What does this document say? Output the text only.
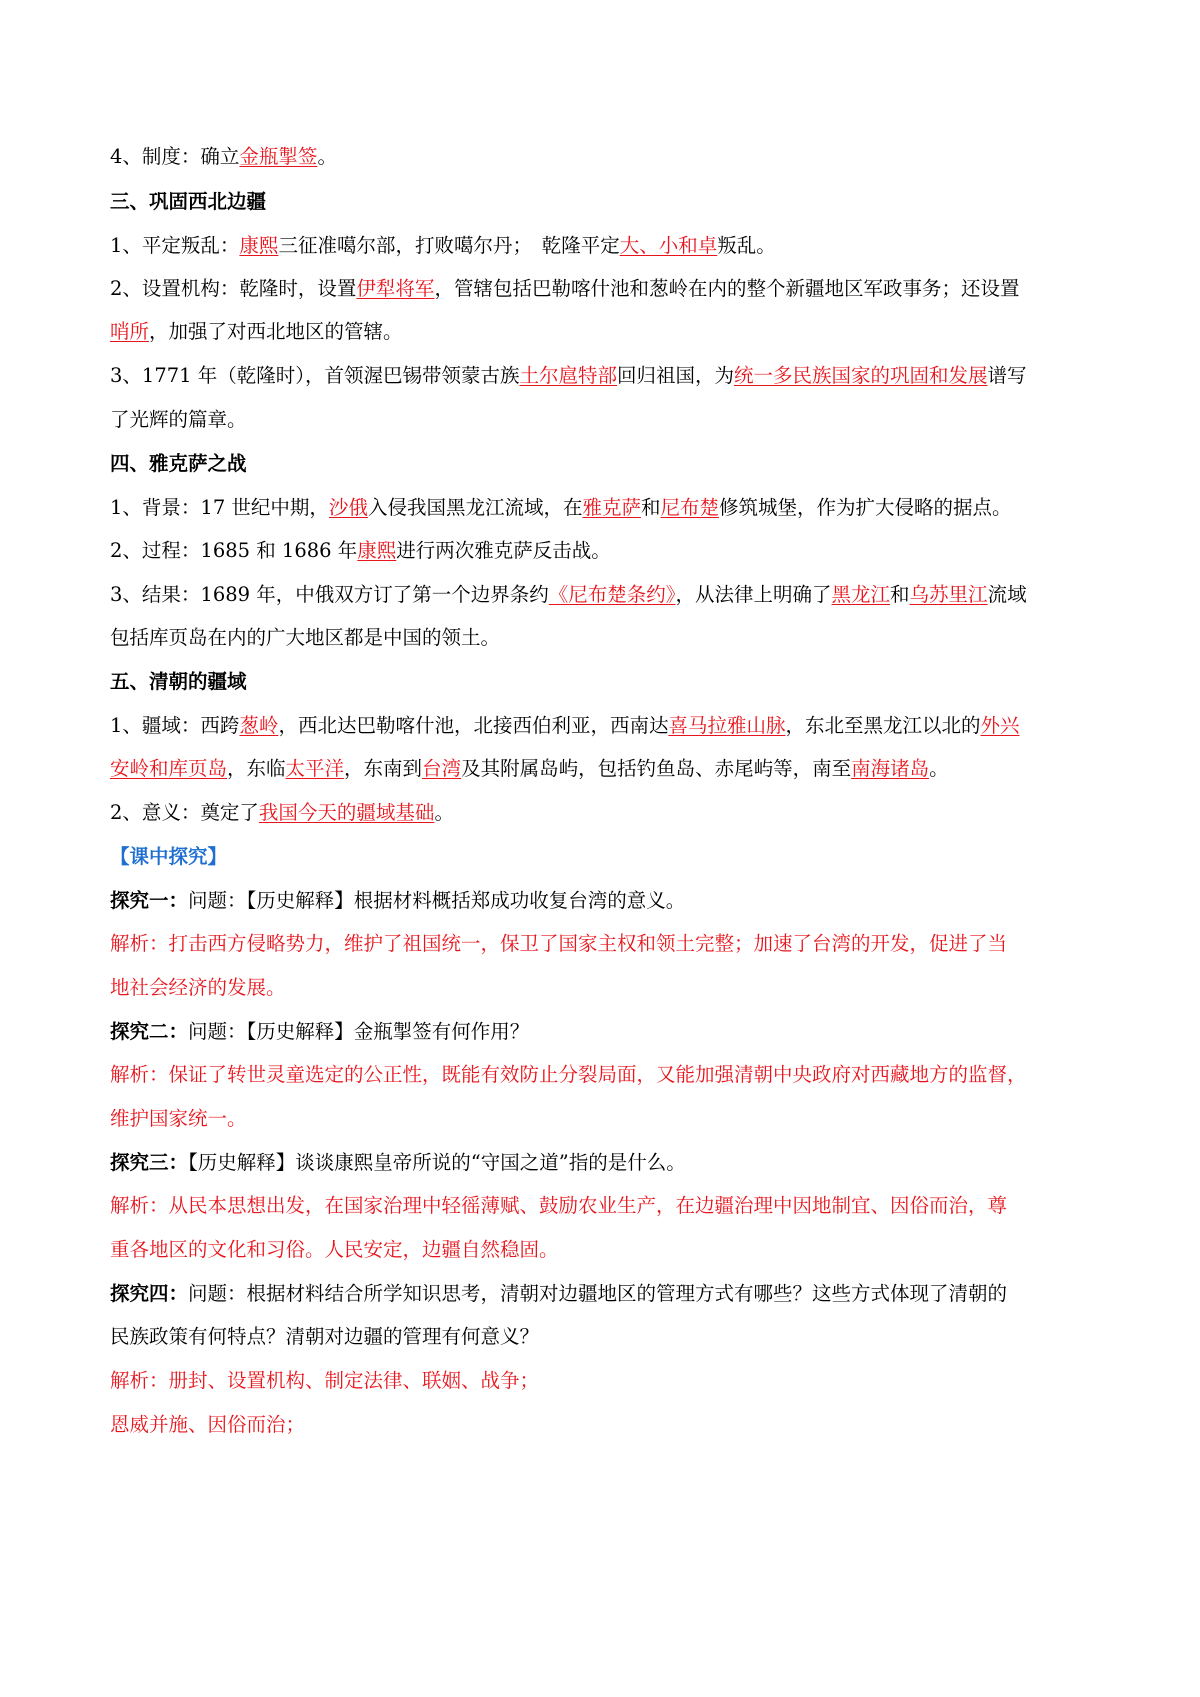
4、制度：确立金瓶掣签。
三、巩固西北边疆
1、平定叛乱：康熙三征准噶尔部，打败噶尔丹；　乾隆平定大、小和卓叛乱。
2、设置机构：乾隆时，设置伊犁将军，管辖包括巴勒喀什池和葱岭在内的整个新疆地区军政事务；还设置
哨所，加强了对西北地区的管辖。
3、1771 年（乾隆时），首领渥巴锡带领蒙古族土尔扈特部回归祖国，为统一多民族国家的巩固和发展谱写
了光辉的篇章。
四、雅克萨之战
1、背景：17 世纪中期，沙俄入侵我国黑龙江流域，在雅克萨和尼布楚修筑城堡，作为扩大侵略的据点。
2、过程：1685 和 1686 年康熙进行两次雅克萨反击战。
3、结果：1689 年，中俄双方订了第一个边界条约《尼布楚条约》，从法律上明确了黑龙江和乌苏里江流域
包括库页岛在内的广大地区都是中国的领土。
五、清朝的疆域
1、疆域：西跨葱岭，西北达巴勒喀什池，北接西伯利亚，西南达喜马拉雅山脉，东北至黑龙江以北的外兴
安岭和库页岛，东临太平洋，东南到台湾及其附属岛屿，包括钓鱼岛、赤尾屿等，南至南海诸岛。
2、意义：奠定了我国今天的疆域基础。
【课中探究】
探究一：问题：【历史解释】根据材料概括郑成功收复台湾的意义。
解析：打击西方侵略势力，维护了祖国统一，保卫了国家主权和领土完整；加速了台湾的开发，促进了当
地社会经济的发展。
探究二：问题：【历史解释】金瓶掣签有何作用？
解析：保证了转世灵童选定的公正性，既能有效防止分裂局面，又能加强清朝中央政府对西藏地方的监督，
维护国家统一。
探究三：【历史解释】谈谈康熙皇帝所说的“守国之道”指的是什么。
解析：从民本思想出发，在国家治理中轻徭薄赋、鼓励农业生产，在边疆治理中因地制宜、因俗而治，尊
重各地区的文化和习俗。人民安定，边疆自然稳固。
探究四：问题：根据材料结合所学知识思考，清朝对边疆地区的管理方式有哪些？这些方式体现了清朝的
民族政策有何特点？清朝对边疆的管理有何意义？
解析：册封、设置机构、制定法律、联姻、战争；
恩威并施、因俗而治；
